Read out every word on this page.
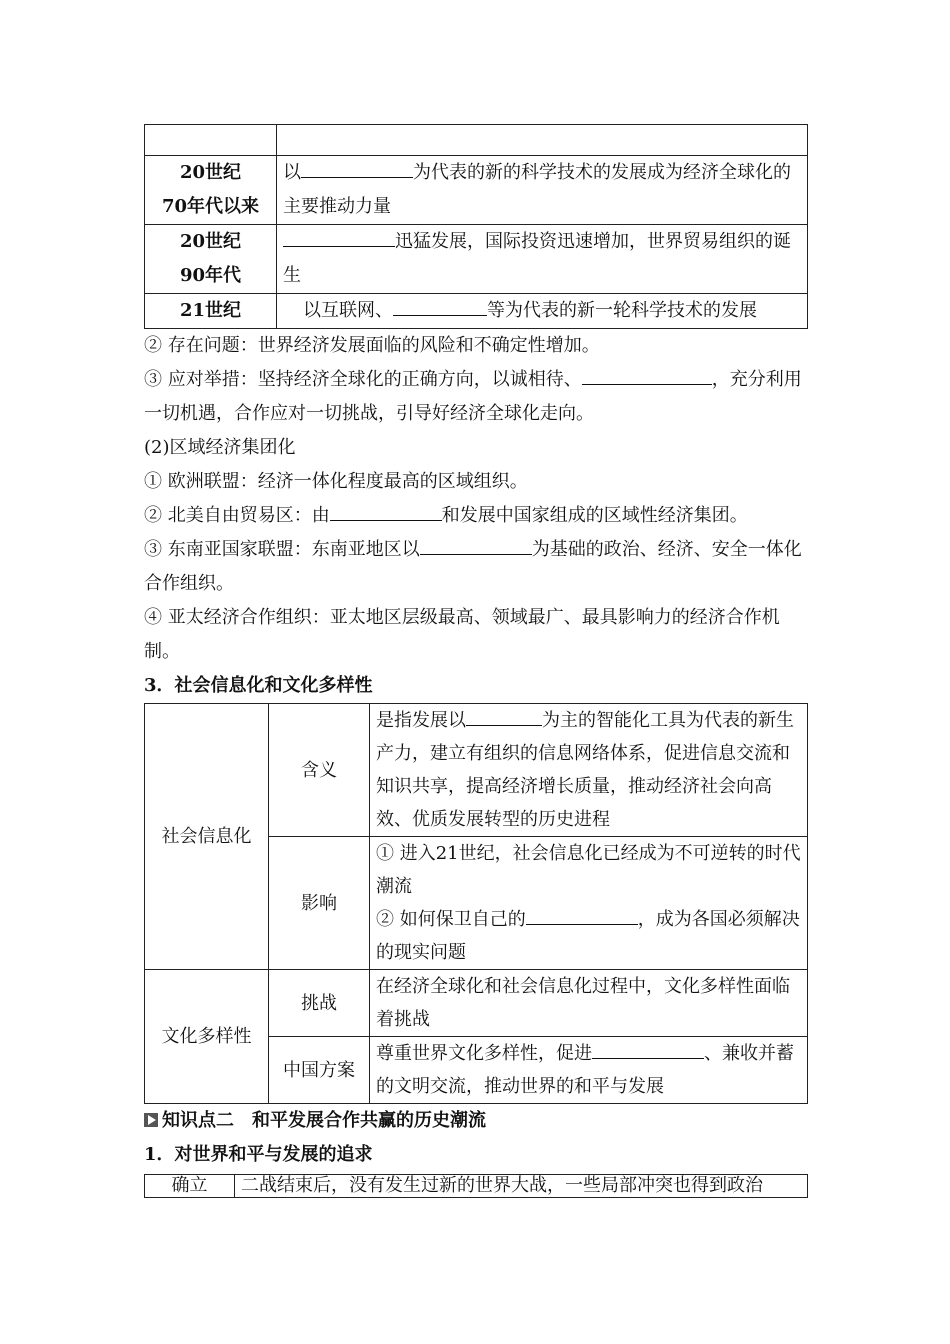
20世纪
70年代以来	以 为代表的新的科学技术的发展成为经济全球化的主要推动力量

20世纪
90年代	迅猛发展，国际投资迅速增加，世界贸易组织的诞生

21世纪	以互联网、 等为代表的新一轮科学技术的发展

② 存在问题：世界经济发展面临的风险和不确定性增加。

③ 应对举措：坚持经济全球化的正确方向，以诚相待、	，充分利用一切机遇，合作应对一切挑战，引导好经济全球化走向。

(2)区域经济集团化

① 欧洲联盟：经济一体化程度最高的区域组织。

② 北美自由贸易区：由	和发展中国家组成的区域性经济集团。

③ 东南亚国家联盟：东南亚地区以	为基础的政治、经济、安全一体化合作组织。

④ 亚太经济合作组织：亚太地区层级最高、领域最广、最具影响力的经济合作机制。

3．社会信息化和文化多样性

社会信息化	含义	是指发展以 为主的智能化工具为代表的新生产力，建立有组织的信息网络体系，促进信息交流和知识共享，提高经济增长质量，推动经济社会向高效、优质发展转型的历史进程
	影响	① 进入21世纪，社会信息化已经成为不可逆转的时代潮流
② 如何保卫自己的 ，成为各国必须解决的现实问题

文化多样性	挑战	在经济全球化和社会信息化过程中，文化多样性面临着挑战
	中国方案	尊重世界文化多样性，促进 、兼收并蓄的文明交流，推动世界的和平与发展

知识点二　和平发展合作共赢的历史潮流

1．对世界和平与发展的追求

确立	二战结束后，没有发生过新的世界大战，一些局部冲突也得到政治
